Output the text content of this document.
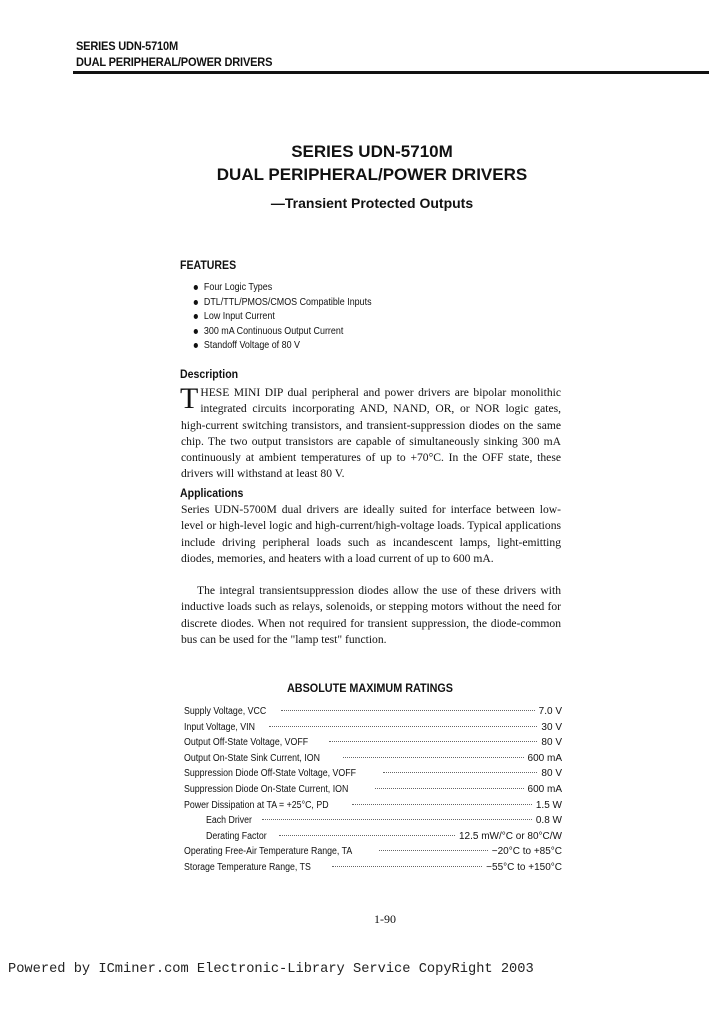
SERIES UDN-5710M
DUAL PERIPHERAL/POWER DRIVERS
SERIES UDN-5710M
DUAL PERIPHERAL/POWER DRIVERS
—Transient Protected Outputs
FEATURES
Four Logic Types
DTL/TTL/PMOS/CMOS Compatible Inputs
Low Input Current
300 mA Continuous Output Current
Standoff Voltage of 80 V
Description

T HESE MINI DIP dual peripheral and power drivers are bipolar monolithic integrated circuits incorporating AND, NAND, OR, or NOR logic gates, high-current switching transistors, and transient-suppression diodes on the same chip. The two output transistors are capable of simultaneously sinking 300 mA continuously at ambient temperatures of up to +70°C. In the OFF state, these drivers will withstand at least 80 V.

Applications

Series UDN-5700M dual drivers are ideally suited for interface between low-level or high-level logic and high-current/high-voltage loads. Typical applications include driving peripheral loads such as incandescent lamps, light-emitting diodes, memories, and heaters with a load current of up to 600 mA.

The integral transientsuppression diodes allow the use of these drivers with inductive loads such as relays, solenoids, or stepping motors without the need for discrete diodes. When not required for transient suppression, the diode-common bus can be used for the "lamp test" function.

ABSOLUTE MAXIMUM RATINGS
Supply Voltage, VCC	7.0 V
Input Voltage, VIN	30 V
Output Off-State Voltage, VOFF	80 V
Output On-State Sink Current, ION	600 mA
Suppression Diode Off-State Voltage, VOFF	80 V
Suppression Diode On-State Current, ION	600 mA
Power Dissipation at TA = +25°C, PD	1.5 W
Each Driver	0.8 W
Derating Factor	12.5 mW/°C or 80°C/W
Operating Free-Air Temperature Range, TA	−20°C to +85°C
Storage Temperature Range, TS	−55°C to +150°C
1-90
Powered by ICminer.com Electronic-Library Service CopyRight 2003
